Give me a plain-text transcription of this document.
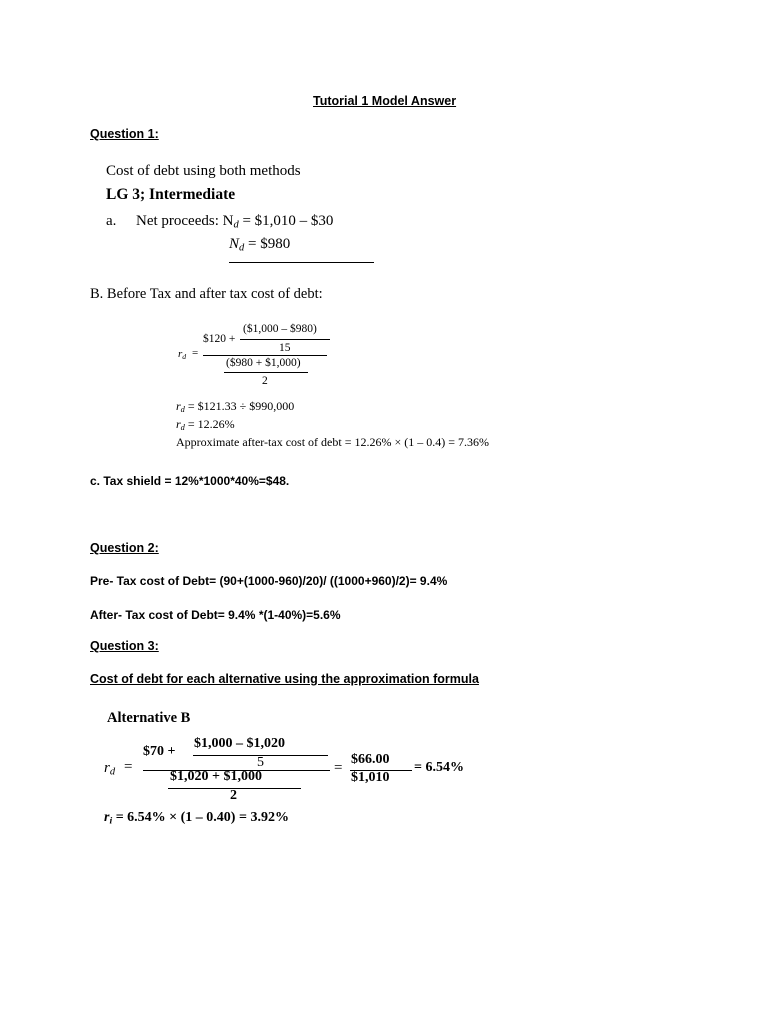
Tutorial 1 Model Answer
Question 1:
Cost of debt using both methods
LG 3; Intermediate
a. Net proceeds: $N_d$ = $1,010 – $30
$N_d$ = $980
B. Before Tax and after tax cost of debt:
$r_d$ =
$120 +
($1,000 – $980)
15
($980 + $1,000)
2
$r_d$ = $121.33 ÷ $990,000
$r_d = 12.26\%$
Approximate after-tax cost of debt = 12.26% × (1 – 0.4) = 7.36%
c. Tax shield = 12%*1000*40%=$48.
Question 2:
Pre- Tax cost of Debt= (90+(1000-960)/20)/ ((1000+960)/2)= 9.4%
After- Tax cost of Debt= 9.4% *(1-40%)=5.6%
Question 3:
Cost of debt for each alternative using the approximation formula
Alternative B
$r_d$ =
$70 +
$1,000 – $1,020
5
$1,020 + $1,000
2
=
$66.00
$1,010
= 6.54%
$r_i = 6.54\% \times (1 - 0.40) = 3.92\%$
